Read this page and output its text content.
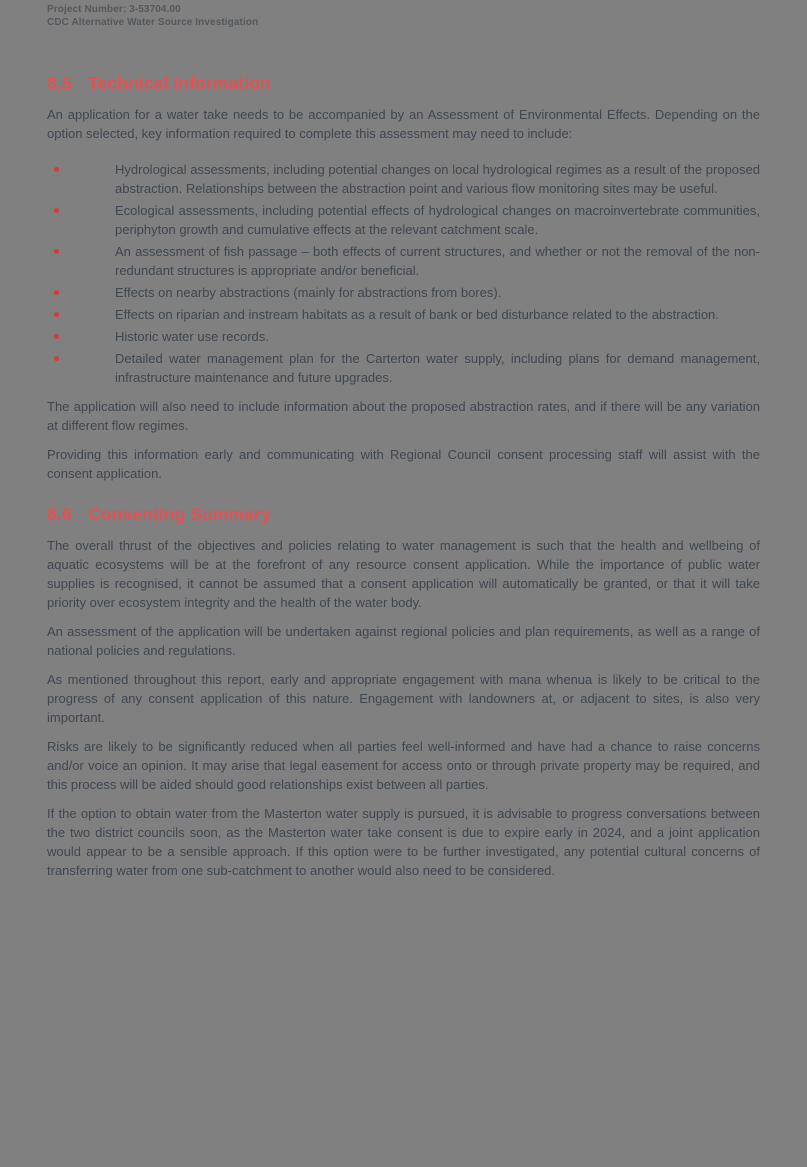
Project Number: 3-53704.00
CDC Alternative Water Source Investigation
8.5 Technical Information

An application for a water take needs to be accompanied by an Assessment of Environmental Effects. Depending on the option selected, key information required to complete this assessment may need to include:

Hydrological assessments, including potential changes on local hydrological regimes as a result of the proposed abstraction. Relationships between the abstraction point and various flow monitoring sites may be useful.
Ecological assessments, including potential effects of hydrological changes on macroinvertebrate communities, periphyton growth and cumulative effects at the relevant catchment scale.
An assessment of fish passage – both effects of current structures, and whether or not the removal of the non-redundant structures is appropriate and/or beneficial.
Effects on nearby abstractions (mainly for abstractions from bores).
Effects on riparian and instream habitats as a result of bank or bed disturbance related to the abstraction.
Historic water use records.
Detailed water management plan for the Carterton water supply, including plans for demand management, infrastructure maintenance and future upgrades.

The application will also need to include information about the proposed abstraction rates, and if there will be any variation at different flow regimes.

Providing this information early and communicating with Regional Council consent processing staff will assist with the consent application.

8.6 Consenting Summary

The overall thrust of the objectives and policies relating to water management is such that the health and wellbeing of aquatic ecosystems will be at the forefront of any resource consent application. While the importance of public water supplies is recognised, it cannot be assumed that a consent application will automatically be granted, or that it will take priority over ecosystem integrity and the health of the water body.

An assessment of the application will be undertaken against regional policies and plan requirements, as well as a range of national policies and regulations.

As mentioned throughout this report, early and appropriate engagement with mana whenua is likely to be critical to the progress of any consent application of this nature. Engagement with landowners at, or adjacent to sites, is also very important.

Risks are likely to be significantly reduced when all parties feel well-informed and have had a chance to raise concerns and/or voice an opinion. It may arise that legal easement for access onto or through private property may be required, and this process will be aided should good relationships exist between all parties.

If the option to obtain water from the Masterton water supply is pursued, it is advisable to progress conversations between the two district councils soon, as the Masterton water take consent is due to expire early in 2024, and a joint application would appear to be a sensible approach. If this option were to be further investigated, any potential cultural concerns of transferring water from one sub-catchment to another would also need to be considered.
